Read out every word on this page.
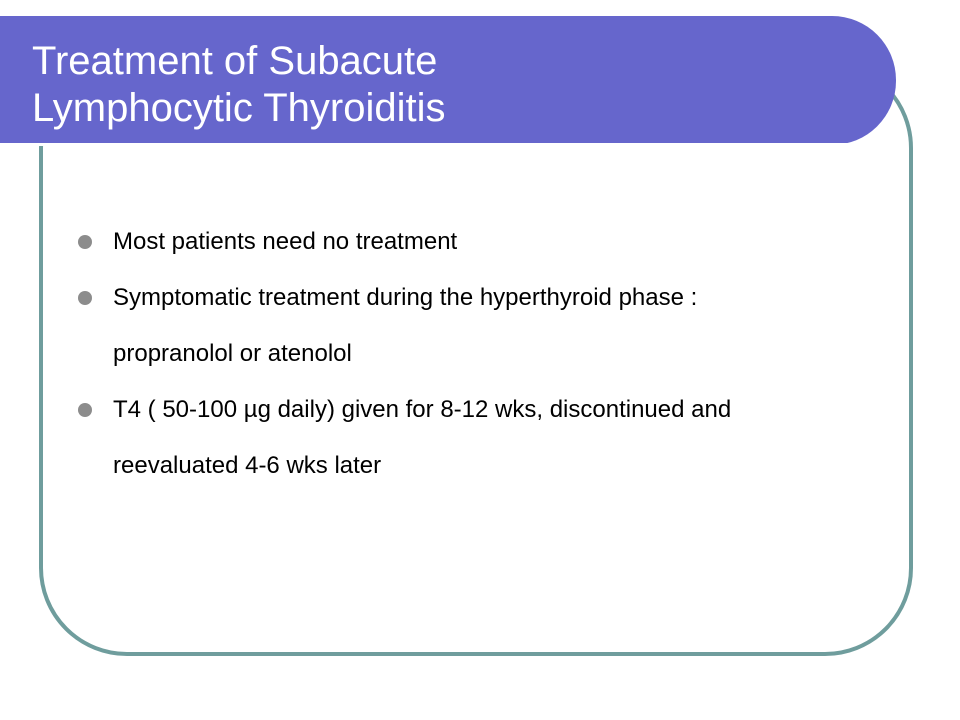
Treatment of Subacute
Lymphocytic Thyroiditis
Most patients need no treatment
Symptomatic treatment during the hyperthyroid phase : propranolol or atenolol
T4 ( 50-100 µg daily) given for 8-12 wks, discontinued and reevaluated 4-6 wks later
